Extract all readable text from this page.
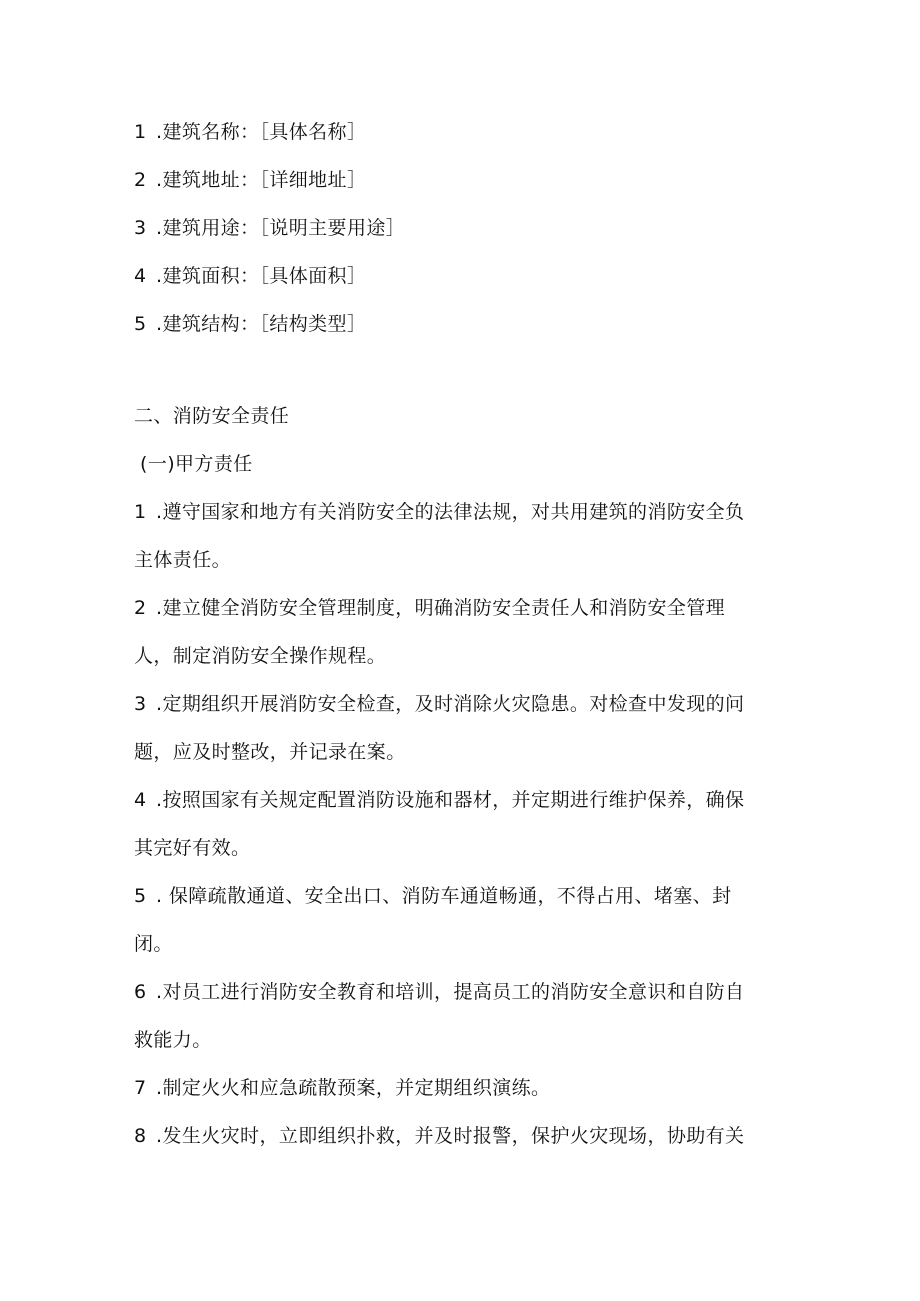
1 .建筑名称：［具体名称］
2 .建筑地址：［详细地址］
3 .建筑用途：［说明主要用途］
4 .建筑面积：［具体面积］
5 .建筑结构：［结构类型］
二、消防安全责任
(一)甲方责任
1 .遵守国家和地方有关消防安全的法律法规，对共用建筑的消防安全负
主体责任。
2 .建立健全消防安全管理制度，明确消防安全责任人和消防安全管理
人，制定消防安全操作规程。
3 .定期组织开展消防安全检查，及时消除火灾隐患。对检查中发现的问
题，应及时整改，并记录在案。
4 .按照国家有关规定配置消防设施和器材，并定期进行维护保养，确保
其完好有效。
5 . 保障疏散通道、安全出口、消防车通道畅通，不得占用、堵塞、封
闭。
6 .对员工进行消防安全教育和培训，提高员工的消防安全意识和自防自
救能力。
7 .制定火火和应急疏散预案，并定期组织演练。
8 .发生火灾时，立即组织扑救，并及时报警，保护火灾现场，协助有关
